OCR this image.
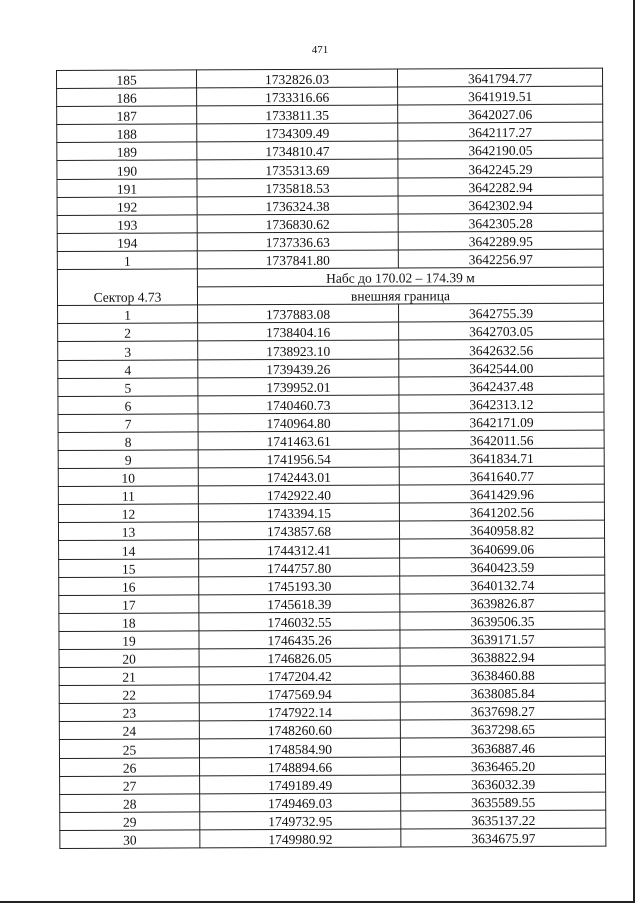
471
185	1732826.03	3641794.77
186	1733316.66	3641919.51
187	1733811.35	3642027.06
188	1734309.49	3642117.27
189	1734810.47	3642190.05
190	1735313.69	3642245.29
191	1735818.53	3642282.94
192	1736324.38	3642302.94
193	1736830.62	3642305.28
194	1737336.63	3642289.95
1	1737841.80	3642256.97
Сектор 4.73	Набс до 170.02 – 174.39 м	
	внешняя граница	
1	1737883.08	3642755.39
2	1738404.16	3642703.05
3	1738923.10	3642632.56
4	1739439.26	3642544.00
5	1739952.01	3642437.48
6	1740460.73	3642313.12
7	1740964.80	3642171.09
8	1741463.61	3642011.56
9	1741956.54	3641834.71
10	1742443.01	3641640.77
11	1742922.40	3641429.96
12	1743394.15	3641202.56
13	1743857.68	3640958.82
14	1744312.41	3640699.06
15	1744757.80	3640423.59
16	1745193.30	3640132.74
17	1745618.39	3639826.87
18	1746032.55	3639506.35
19	1746435.26	3639171.57
20	1746826.05	3638822.94
21	1747204.42	3638460.88
22	1747569.94	3638085.84
23	1747922.14	3637698.27
24	1748260.60	3637298.65
25	1748584.90	3636887.46
26	1748894.66	3636465.20
27	1749189.49	3636032.39
28	1749469.03	3635589.55
29	1749732.95	3635137.22
30	1749980.92	3634675.97
